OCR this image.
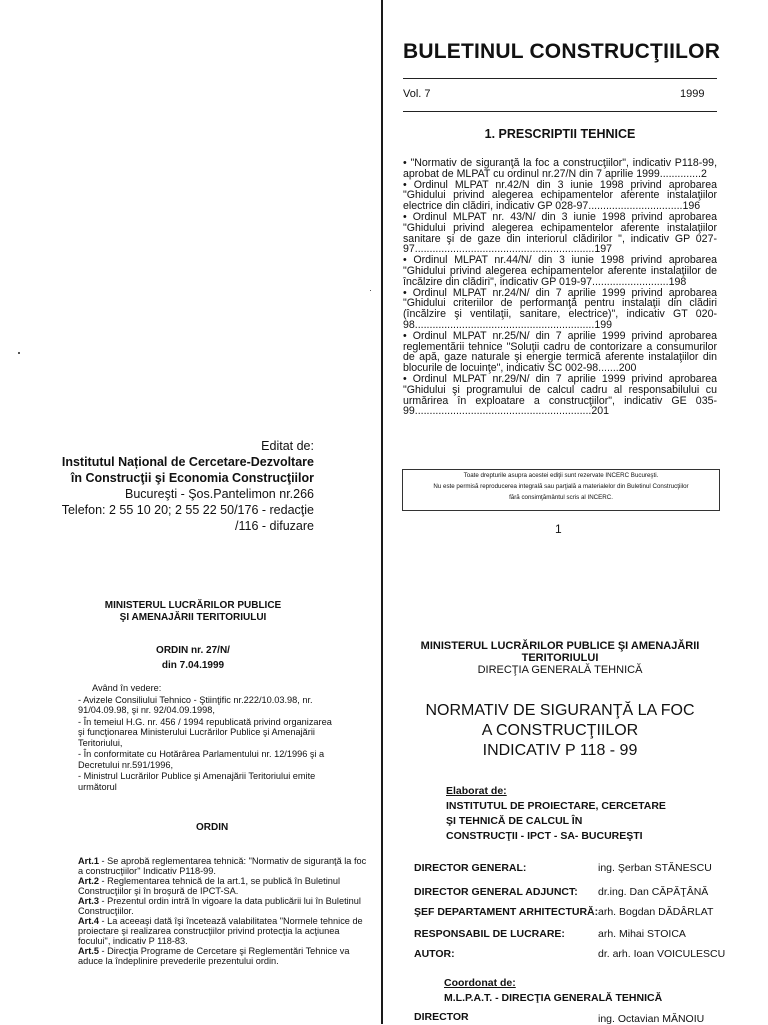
Editat de:
Institutul Național de Cercetare-Dezvoltare
în Construcţii şi Economia Construcţiilor
Bucureşti - Şos.Pantelimon nr.266
Telefon: 2 55 10 20; 2 55 22 50/176 - redacţie
/116 - difuzare
BULETINUL CONSTRUCŢIILOR
Vol. 7	1999
1. PRESCRIPTII TEHNICE
• "Normativ de siguranţă la foc a construcţiilor", indicativ P118-99, aprobat de MLPAT cu ordinul nr.27/N din 7 aprilie 1999..............2
• Ordinul MLPAT nr.42/N din 3 iunie 1998 privind aprobarea "Ghidului privind alegerea echipamentelor aferente instalaţiilor electrice din clădiri, indicativ GP 028-97................................196
• Ordinul MLPAT nr. 43/N/ din 3 iunie 1998 privind aprobarea "Ghidului privind alegerea echipamentelor aferente instalaţiilor sanitare şi de gaze din interiorul clădirilor ", indicativ GP 027-97.............................................................197
• Ordinul MLPAT nr.44/N/ din 3 iunie 1998 privind aprobarea "Ghidului privind alegerea echipamentelor aferente instalaţiilor de încălzire din clădiri", indicativ GP 019-97..........................198
• Ordinul MLPAT nr.24/N/ din 7 aprilie 1999 privind aprobarea "Ghidului criteriilor de performanţă pentru instalaţii din clădiri (încălzire şi ventilaţii, sanitare, electrice)", indicativ GT 020-98.............................................................199
• Ordinul MLPAT nr.25/N/ din 7 aprilie 1999 privind aprobarea reglementării tehnice "Soluţii cadru de contorizare a consumurilor de apă, gaze naturale şi energie termică aferente instalaţiilor din blocurile de locuinţe", indicativ SC 002-98.......200
• Ordinul MLPAT nr.29/N/ din 7 aprilie 1999 privind aprobarea "Ghidului şi programului de calcul cadru al responsabilului cu urmărirea în exploatare a construcţiilor", indicativ GE 035-99............................................................201
Toate drepturile asupra acestei ediţii sunt rezervate INCERC Bucureşti.
Nu este permisă reproducerea integrală sau parţială a materialelor din Buletinul Construcţiilor
fără consimţământul scris al INCERC.
1
MINISTERUL LUCRĂRILOR PUBLICE
ŞI AMENAJĂRII TERITORIULUI
ORDIN nr. 27/N/
din 7.04.1999

Având în vedere:

- Avizele Consiliului Tehnico - Ştiinţific nr.222/10.03.98, nr. 91/04.09.98, şi nr. 92/04.09.1998,

- În temeiul H.G. nr. 456 / 1994 republicată privind organizarea şi funcţionarea Ministerului Lucrărilor Publice şi Amenajării Teritoriului,

- În conformitate cu Hotărârea Parlamentului nr. 12/1996 şi a Decretului nr.591/1996,

- Ministrul Lucrărilor Publice şi Amenajării Teritoriului emite următorul

ORDIN

Art.1 - Se aprobă reglementarea tehnică: "Normativ de siguranţă la foc a construcţiilor" Indicativ P118-99.

Art.2 - Reglementarea tehnică de la art.1, se publică în Buletinul Construcţiilor şi în broşură de IPCT-SA.

Art.3 - Prezentul ordin intră în vigoare la data publicării lui în Buletinul Construcţiilor.

Art.4 - La aceeaşi dată îşi încetează valabilitatea "Normele tehnice de proiectare şi realizarea construcţiilor privind protecţia la acţiunea focului", indicativ P 118-83.

Art.5 - Direcţia Programe de Cercetare şi Reglementări Tehnice va aduce la îndeplinire prevederile prezentului ordin.

MINISTERUL LUCRĂRILOR PUBLICE ŞI AMENAJĂRII
TERITORIULUI
DIRECŢIA GENERALĂ TEHNICĂ
NORMATIV DE SIGURANŢĂ LA FOC
A CONSTRUCŢIILOR
INDICATIV P 118 - 99
Elaborat de:
INSTITUTUL DE PROIECTARE, CERCETARE
ŞI TEHNICĂ DE CALCUL ÎN
CONSTRUCŢII - IPCT - SA- BUCUREŞTI
DIRECTOR GENERAL:	ing. Şerban STĂNESCU
DIRECTOR GENERAL ADJUNCT: dr.ing. Dan CĂPĂŢÂNĂ
ŞEF DEPARTAMENT ARHITECTURĂ: arh. Bogdan DĂDÂRLAT
RESPONSABIL DE LUCRARE:	arh. Mihai STOICA
AUTOR:	dr. arh. Ioan VOICULESCU
Coordonat de:
M.L.P.A.T. - DIRECŢIA GENERALĂ TEHNICĂ
DIRECTOR	ing. Octavian MĂNOIU
